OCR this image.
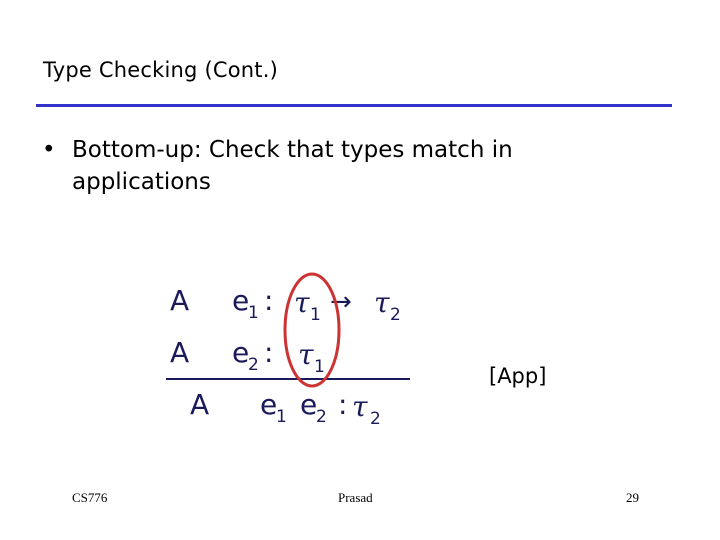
Type Checking (Cont.)
• Bottom-up: Check that types match in applications
A e
1 : τ 1 → τ 2
A e
2 : τ 1
A e
1 e
2 : τ 2
[App]
CS776	Prasad	29
